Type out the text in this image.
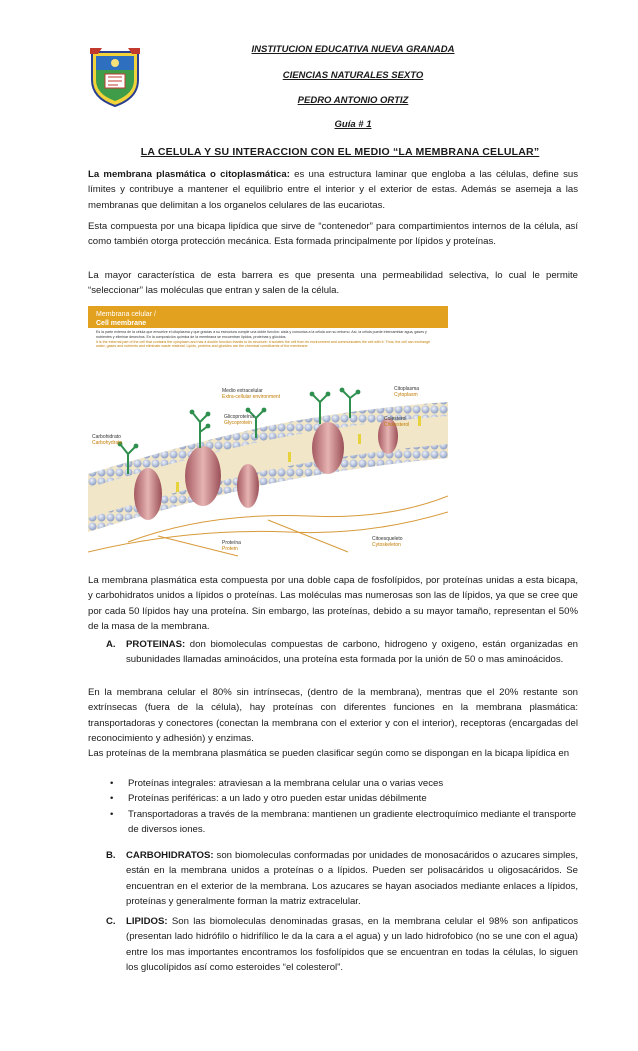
INSTITUCION EDUCATIVA NUEVA GRANADA
CIENCIAS NATURALES SEXTO
PEDRO ANTONIO ORTIZ
Guía # 1
LA CELULA Y SU INTERACCION CON EL MEDIO “LA MEMBRANA CELULAR”

La membrana plasmática o citoplasmática: es una estructura laminar que engloba a las células, define sus límites y contribuye a mantener el equilibrio entre el interior y el exterior de estas. Además se asemeja a las membranas que delimitan a los organelos celulares de las eucariotas.

Esta compuesta por una bicapa lipídica que sirve de “contenedor” para compartimientos internos de la célula, así como también otorga protección mecánica. Esta formada principalmente por lípidos y proteínas.

La mayor característica de esta barrera es que presenta una permeabilidad selectiva, lo cual le permite “seleccionar” las moléculas que entran y salen de la célula.

Membrana celular /
Cell membrane
Es la parte externa de la célula que envuelve el citoplasma y que gracias a su estructura cumple una doble función: aísla y comunica a la célula con su entorno. Así, la célula puede intercambiar agua, gases y nutrientes y eliminar desechos. En la composición química de la membrana se encuentran lípidos, proteínas y glúcidos.
It is the external part of the cell that contains the cytoplasm and has a double function thanks to its structure: it isolates the cell from its environment and communicates the cell with it. Thus, the cell can exchange water, gases and nutrients and eliminate waste material. Lipids, proteins and glucides are the chemical constituents of the membrane.
Medio extracelular
Extra-cellular environment
Citoplasma
Cytoplasm
Carbohidrato
Carbohydrate
Glicoproteína
Glycoprotein
Colesterol
Cholesterol
Proteína
Protein
Citoesqueleto
Cytoskeleton

La membrana plasmática esta compuesta por una doble capa de fosfolípidos, por proteínas unidas a esta bicapa, y carbohidratos unidos a lípidos o proteínas. Las moléculas mas numerosas son las de lípidos, ya que se cree que por cada 50 lípidos hay una proteína. Sin embargo, las proteínas, debido a su mayor tamaño, representan el 50% de la masa de la membrana.

A. PROTEINAS: don biomoleculas compuestas de carbono, hidrogeno y oxigeno, están organizadas en subunidades llamadas aminoácidos, una proteína esta formada por la unión de 50 o mas aminoácidos.

En la membrana celular el 80% sin intrínsecas, (dentro de la membrana), mentras que el 20% restante son extrínsecas (fuera de la célula), hay proteínas con diferentes funciones en la membrana plasmática: transportadoras y conectores (conectan la membrana con el exterior y con el interior), receptoras (encargadas del reconocimiento y adhesión) y enzimas.

Las proteínas de la membrana plasmática se pueden clasificar según como se dispongan en la bicapa lipídica en

• Proteínas integrales: atraviesan a la membrana celular una o varias veces
• Proteínas periféricas: a un lado y otro pueden estar unidas débilmente
• Transportadoras a través de la membrana: mantienen un gradiente electroquímico mediante el transporte de diversos iones.
B. CARBOHIDRATOS: son biomoleculas conformadas por unidades de monosacáridos o azucares simples, están en la membrana unidos a proteínas o a lípidos. Pueden ser polisacáridos u oligosacáridos. Se encuentran en el exterior de la membrana. Los azucares se hayan asociados mediante enlaces a lípidos, proteínas y generalmente forman la matriz extracelular.
C. LIPIDOS: Son las biomoleculas denominadas grasas, en la membrana celular el 98% son anfipaticos (presentan lado hidrófilo o hidrifílico le da la cara a el agua) y un lado hidrofobico (no se une con el agua) entre los mas importantes encontramos los fosfolípidos que se encuentran en todas la células, lo siguen los glucolípidos así como esteroides “el colesterol”.
